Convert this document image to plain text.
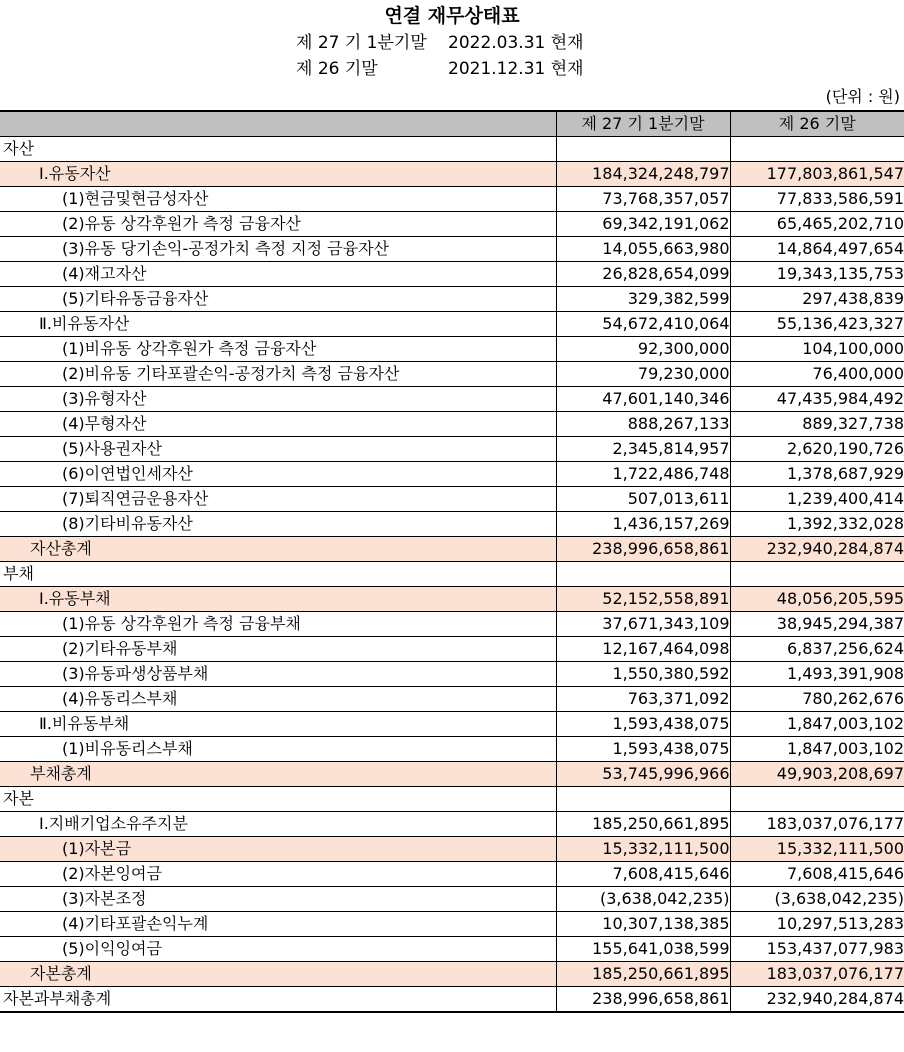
연결 재무상태표
제 27 기 1분기말 2022.03.31 현재
제 26 기말	2021.12.31 현재
(단위 : 원)
	제 27 기 1분기말	제 26 기말
자산		
Ⅰ.유동자산	184,324,248,797	177,803,861,547
(1)현금및현금성자산	73,768,357,057	77,833,586,591
(2)유동 상각후원가 측정 금융자산	69,342,191,062	65,465,202,710
(3)유동 당기손익-공정가치 측정 지정 금융자산	14,055,663,980	14,864,497,654
(4)재고자산	26,828,654,099	19,343,135,753
(5)기타유동금융자산	329,382,599	297,438,839
Ⅱ.비유동자산	54,672,410,064	55,136,423,327
(1)비유동 상각후원가 측정 금융자산	92,300,000	104,100,000
(2)비유동 기타포괄손익-공정가치 측정 금융자산	79,230,000	76,400,000
(3)유형자산	47,601,140,346	47,435,984,492
(4)무형자산	888,267,133	889,327,738
(5)사용권자산	2,345,814,957	2,620,190,726
(6)이연법인세자산	1,722,486,748	1,378,687,929
(7)퇴직연금운용자산	507,013,611	1,239,400,414
(8)기타비유동자산	1,436,157,269	1,392,332,028
자산총계	238,996,658,861	232,940,284,874
부채		
Ⅰ.유동부채	52,152,558,891	48,056,205,595
(1)유동 상각후원가 측정 금융부채	37,671,343,109	38,945,294,387
(2)기타유동부채	12,167,464,098	6,837,256,624
(3)유동파생상품부채	1,550,380,592	1,493,391,908
(4)유동리스부채	763,371,092	780,262,676
Ⅱ.비유동부채	1,593,438,075	1,847,003,102
(1)비유동리스부채	1,593,438,075	1,847,003,102
부채총계	53,745,996,966	49,903,208,697
자본		
Ⅰ.지배기업소유주지분	185,250,661,895	183,037,076,177
(1)자본금	15,332,111,500	15,332,111,500
(2)자본잉여금	7,608,415,646	7,608,415,646
(3)자본조정	(3,638,042,235)	(3,638,042,235)
(4)기타포괄손익누계	10,307,138,385	10,297,513,283
(5)이익잉여금	155,641,038,599	153,437,077,983
자본총계	185,250,661,895	183,037,076,177
자본과부채총계	238,996,658,861	232,940,284,874
